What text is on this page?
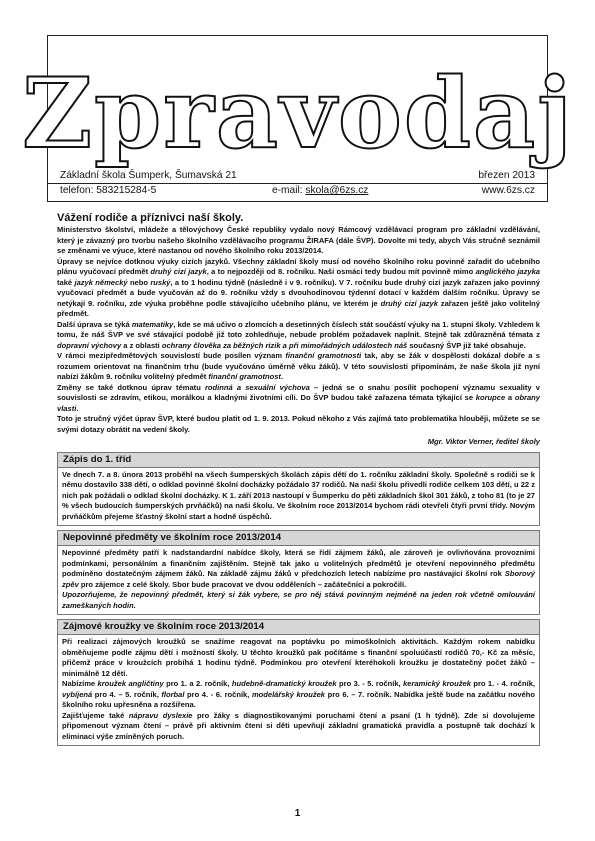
Zpravodaj
Základní škola Šumperk, Šumavská 21	březen 2013
telefon: 583215284-5	e-mail: skola@6zs.cz	www.6zs.cz
Vážení rodiče a příznivci naší školy.

Ministerstvo školství, mládeže a tělovýchovy České republiky vydalo nový Rámcový vzdělávací program pro základní vzdělávání, který je závazný pro tvorbu našeho školního vzdělávacího programu ŽIRAFA (dále ŠVP). Dovolte mi tedy, abych Vás stručně seznámil se změnami ve výuce, které nastanou od nového školního roku 2013/2014.

Úpravy se nejvíce dotknou výuky cizích jazyků. Všechny základní školy musí od nového školního roku povinně zařadit do učebního plánu vyučovací předmět druhý cizí jazyk, a to nejpozději od 8. ročníku. Naši osmáci tedy budou mít povinně mimo anglického jazyka také jazyk německý nebo ruský, a to 1 hodinu týdně (následně i v 9. ročníku). V 7. ročníku bude druhý cizí jazyk zařazen jako povinný vyučovací předmět a bude vyučován až do 9. ročníku vždy s dvouhodinovou týdenní dotací v každém dalším ročníku. Úpravy se netýkají 9. ročníku, zde výuka proběhne podle stávajícího učebního plánu, ve kterém je druhý cizí jazyk zařazen ještě jako volitelný předmět.

Další úprava se týká matematiky, kde se má učivo o zlomcích a desetinných číslech stát součástí výuky na 1. stupni školy. Vzhledem k tomu, že náš ŠVP ve své stávající podobě již toto zohledňuje, nebude problém požadavek naplnit. Stejně tak zdůrazněná témata z dopravní výchovy a z oblasti ochrany člověka za běžných rizik a při mimořádných událostech náš současný ŠVP již také obsahuje.

V rámci mezipředmětových souvislostí bude posílen význam finanční gramotnosti tak, aby se žák v dospělosti dokázal dobře a s rozumem orientovat na finančním trhu (bude vyučováno úměrně věku žáků). V této souvislosti připomínám, že naše škola již nyní nabízí žákům 9. ročníku volitelný předmět finanční gramotnost.

Změny se také dotknou úprav tématu rodinná a sexuální výchova – jedná se o snahu posílit pochopení významu sexuality v souvislosti se zdravím, etikou, morálkou a kladnými životními cíli. Do ŠVP budou také zařazena témata týkající se korupce a obrany vlasti.

Toto je stručný výčet úprav ŠVP, které budou platit od 1. 9. 2013. Pokud někoho z Vás zajímá tato problematika hlouběji, můžete se se svými dotazy obrátit na vedení školy.

Mgr. Viktor Verner, ředitel školy

Zápis do 1. tříd

Ve dnech 7. a 8. února 2013 proběhl na všech šumperských školách zápis dětí do 1. ročníku základní školy. Společně s rodiči se k němu dostavilo 338 dětí, o odklad povinné školní docházky požádalo 37 rodičů. Na naši školu přivedli rodiče celkem 103 dětí, u 22 z nich pak požádali o odklad školní docházky. K 1. září 2013 nastoupí v Šumperku do pěti základních škol 301 žáků, z toho 81 (to je 27 % všech budoucích šumperských prvňáčků) na naši školu. Ve školním roce 2013/2014 bychom rádi otevřeli čtyři první třídy. Novým prvňáčkům přejeme šťastný školní start a hodně úspěchů.

Nepovinné předměty ve školním roce 2013/2014

Nepovinné předměty patří k nadstandardní nabídce školy, která se řídí zájmem žáků, ale zároveň je ovlivňována provozními podmínkami, personálním a finančním zajištěním. Stejně tak jako u volitelných předmětů je otevření nepovinného předmětu podmíněno dostatečným zájmem žáků. Na základě zájmu žáků v předchozích letech nabízíme pro nastávající školní rok Sborový zpěv pro zájemce z celé školy. Sbor bude pracovat ve dvou odděleních – začátečníci a pokročilí.

Upozorňujeme, že nepovinný předmět, který si žák vybere, se pro něj stává povinným nejméně na jeden rok včetně omlouvání zameškaných hodin.

Zájmové kroužky ve školním roce 2013/2014

Při realizaci zájmových kroužků se snažíme reagovat na poptávku po mimoškolních aktivitách. Každým rokem nabídku obměňujeme podle zájmu dětí i možností školy. U těchto kroužků pak počítáme s finanční spoluúčastí rodičů 70,- Kč za měsíc, přičemž práce v kroužcích probíhá 1 hodinu týdně. Podmínkou pro otevření kteréhokoli kroužku je dostatečný počet žáků – minimálně 12 dětí.

Nabízíme kroužek angličtiny pro 1. a 2. ročník, hudebně-dramatický kroužek pro 3. - 5. ročník, keramický kroužek pro 1. - 4. ročník, vybíjená pro 4. – 5. ročník, florbal pro 4. - 6. ročník, modelářský kroužek pro 6. – 7. ročník. Nabídka ještě bude na začátku nového školního roku upřesněna a rozšířena.

Zajišťujeme také nápravu dyslexie pro žáky s diagnostikovanými poruchami čtení a psaní (1 h týdně). Zde si dovolujeme připomenout význam čtení – právě při aktivním čtení si děti upevňují základní gramatická pravidla a postupně tak dochází k eliminaci výše zmíněných poruch.

1
